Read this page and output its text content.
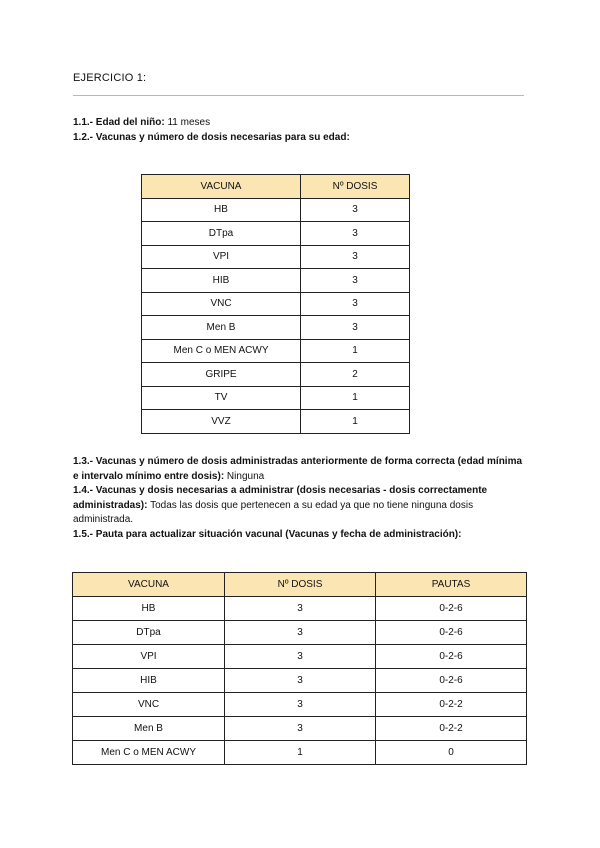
EJERCICIO 1:
1.1.- Edad del niño: 11 meses
1.2.- Vacunas y número de dosis necesarias para su edad:
VACUNA	Nº DOSIS
HB	3
DTpa	3
VPI	3
HIB	3
VNC	3
Men B	3
Men C o MEN ACWY	1
GRIPE	2
TV	1
VVZ	1
1.3.- Vacunas y número de dosis administradas anteriormente de forma correcta (edad mínima e intervalo mínimo entre dosis): Ninguna
1.4.- Vacunas y dosis necesarias a administrar (dosis necesarias - dosis correctamente administradas): Todas las dosis que pertenecen a su edad ya que no tiene ninguna dosis administrada.
1.5.- Pauta para actualizar situación vacunal (Vacunas y fecha de administración):
VACUNA	Nº DOSIS	PAUTAS
HB	3	0-2-6
DTpa	3	0-2-6
VPI	3	0-2-6
HIB	3	0-2-6
VNC	3	0-2-2
Men B	3	0-2-2
Men C o MEN ACWY	1	0
